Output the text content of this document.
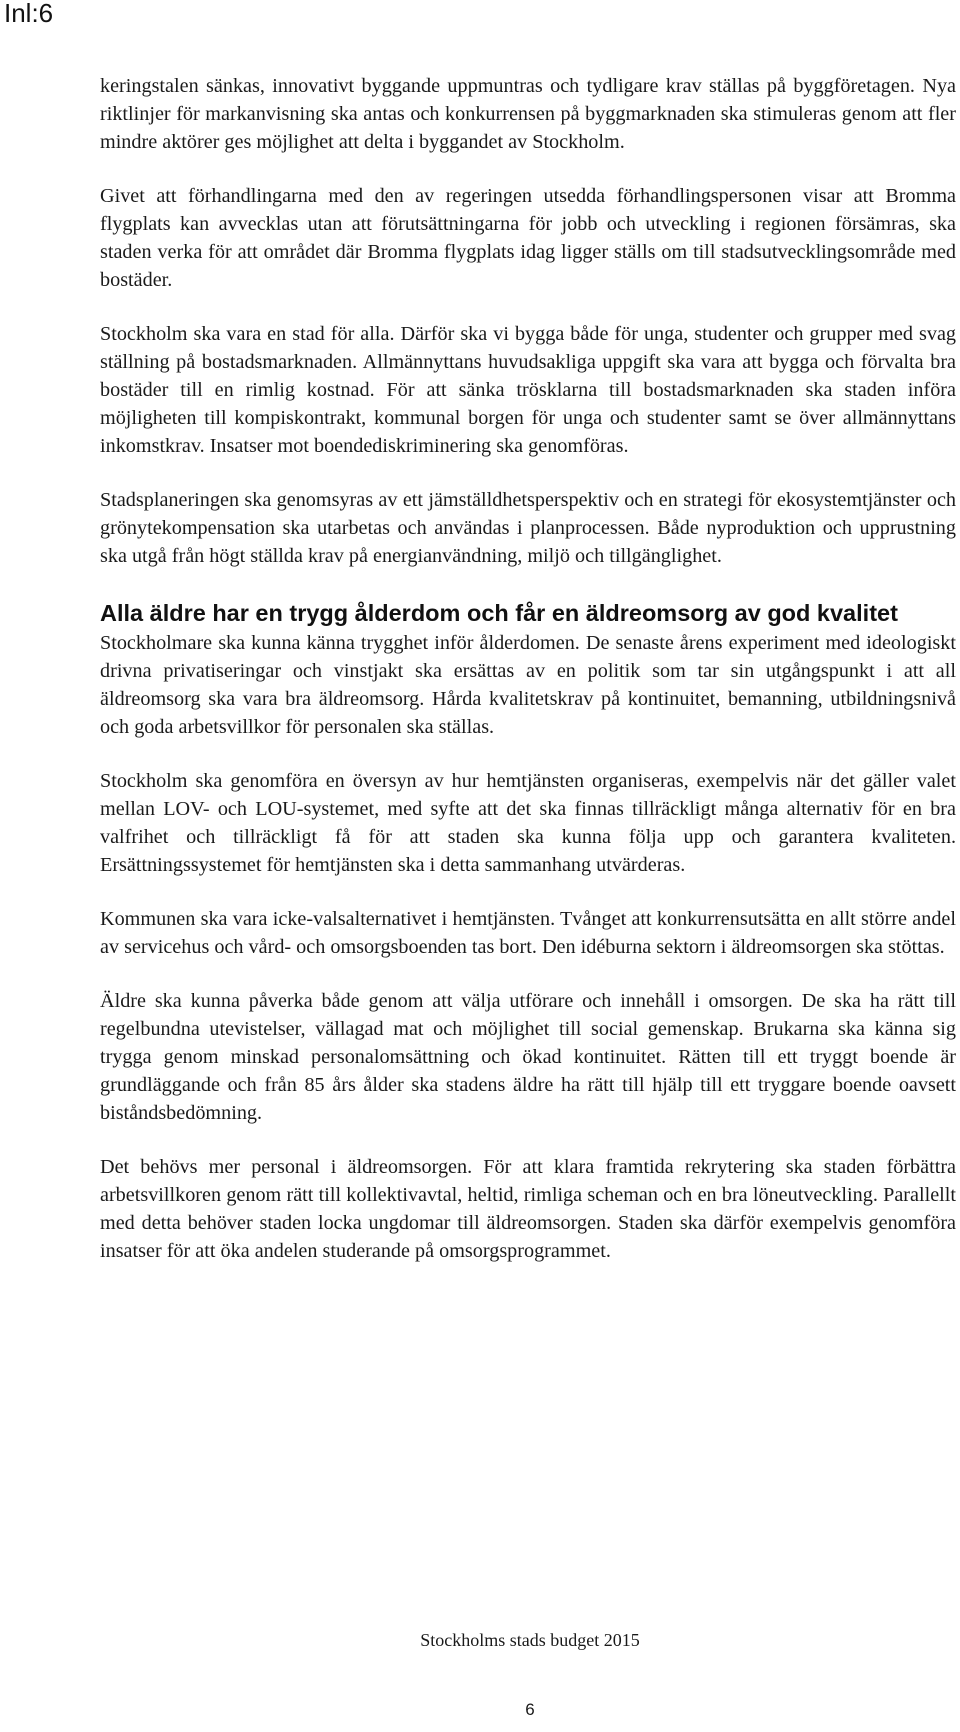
Inl:6

keringstalen sänkas, innovativt byggande uppmuntras och tydligare krav ställas på byggföretagen. Nya riktlinjer för markanvisning ska antas och konkurrensen på byggmarknaden ska stimuleras genom att fler mindre aktörer ges möjlighet att delta i byggandet av Stockholm.

Givet att förhandlingarna med den av regeringen utsedda förhandlingspersonen visar att Bromma flygplats kan avvecklas utan att förutsättningarna för jobb och utveckling i regionen försämras, ska staden verka för att området där Bromma flygplats idag ligger ställs om till stadsutvecklingsområde med bostäder.

Stockholm ska vara en stad för alla. Därför ska vi bygga både för unga, studenter och grupper med svag ställning på bostadsmarknaden. Allmännyttans huvudsakliga uppgift ska vara att bygga och förvalta bra bostäder till en rimlig kostnad. För att sänka trösklarna till bostadsmarknaden ska staden införa möjligheten till kompiskontrakt, kommunal borgen för unga och studenter samt se över allmännyttans inkomstkrav. Insatser mot boendediskriminering ska genomföras.

Stadsplaneringen ska genomsyras av ett jämställdhetsperspektiv och en strategi för ekosystemtjänster och grönytekompensation ska utarbetas och användas i planprocessen. Både nyproduktion och upprustning ska utgå från högt ställda krav på energianvändning, miljö och tillgänglighet.

Alla äldre har en trygg ålderdom och får en äldreomsorg av god kvalitet

Stockholmare ska kunna känna trygghet inför ålderdomen. De senaste årens experiment med ideologiskt drivna privatiseringar och vinstjakt ska ersättas av en politik som tar sin utgångspunkt i att all äldreomsorg ska vara bra äldreomsorg. Hårda kvalitetskrav på kontinuitet, bemanning, utbildningsnivå och goda arbetsvillkor för personalen ska ställas.

Stockholm ska genomföra en översyn av hur hemtjänsten organiseras, exempelvis när det gäller valet mellan LOV- och LOU-systemet, med syfte att det ska finnas tillräckligt många alternativ för en bra valfrihet och tillräckligt få för att staden ska kunna följa upp och garantera kvaliteten. Ersättningssystemet för hemtjänsten ska i detta sammanhang utvärderas.

Kommunen ska vara icke-valsalternativet i hemtjänsten. Tvånget att konkurrensutsätta en allt större andel av servicehus och vård- och omsorgsboenden tas bort. Den idéburna sektorn i äldreomsorgen ska stöttas.

Äldre ska kunna påverka både genom att välja utförare och innehåll i omsorgen. De ska ha rätt till regelbundna utevistelser, vällagad mat och möjlighet till social gemenskap. Brukarna ska känna sig trygga genom minskad personalomsättning och ökad kontinuitet. Rätten till ett tryggt boende är grundläggande och från 85 års ålder ska stadens äldre ha rätt till hjälp till ett tryggare boende oavsett biståndsbedömning.

Det behövs mer personal i äldreomsorgen. För att klara framtida rekrytering ska staden förbättra arbetsvillkoren genom rätt till kollektivavtal, heltid, rimliga scheman och en bra löneutveckling. Parallellt med detta behöver staden locka ungdomar till äldreomsorgen. Staden ska därför exempelvis genomföra insatser för att öka andelen studerande på omsorgsprogrammet.

Stockholms stads budget 2015
6
